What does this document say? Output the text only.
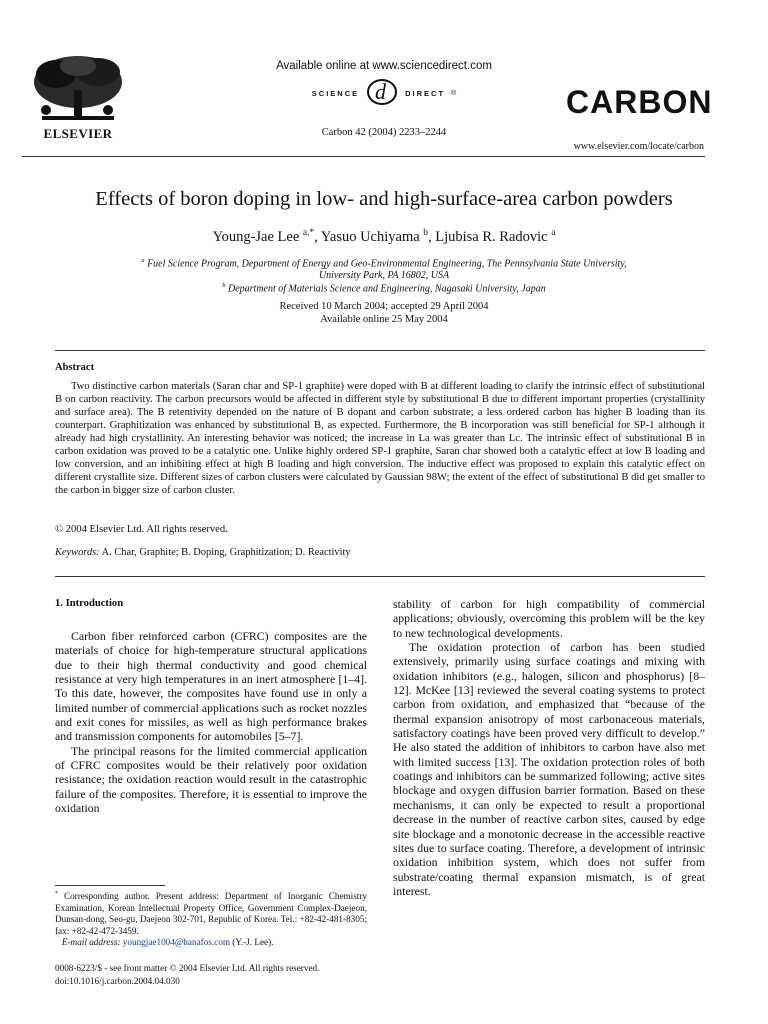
ELSEVIER
Available online at www.sciencedirect.com
SCIENCE d	DIRECT ®
Carbon 42 (2004) 2233–2244
CARBON
www.elsevier.com/locate/carbon
Effects of boron doping in low- and high-surface-area carbon powders
Young-Jae Lee $^{a,*}$, Yasuo Uchiyama $^b$, Ljubisa R. Radovic $^a$
$^a$ Fuel Science Program, Department of Energy and Geo-Environmental Engineering, The Pennsylvania State University,
University Park, PA 16802, USA
$^b$ Department of Materials Science and Engineering, Nagasaki University, Japan
Received 10 March 2004; accepted 29 April 2004
Available online 25 May 2004
Abstract
Two distinctive carbon materials (Saran char and SP-1 graphite) were doped with B at different loading to clarify the intrinsic effect of substitutional B on carbon reactivity. The carbon precursors would be affected in different style by substitutional B due to different important properties (crystallinity and surface area). The B retentivity depended on the nature of B dopant and carbon substrate; a less ordered carbon has higher B loading than its counterpart. Graphitization was enhanced by substitutional B, as expected. Furthermore, the B incorporation was still beneficial for SP-1 although it already had high crystallinity. An interesting behavior was noticed; the increase in La was greater than Lc. The intrinsic effect of substitutional B in carbon oxidation was proved to be a catalytic one. Unlike highly ordered SP-1 graphite, Saran char showed both a catalytic effect at low B loading and low conversion, and an inhibiting effect at high B loading and high conversion. The inductive effect was proposed to explain this catalytic effect on different crystallite size. Different sizes of carbon clusters were calculated by Gaussian 98W; the extent of the effect of substitutional B did get smaller to the carbon in bigger size of carbon cluster.
© 2004 Elsevier Ltd. All rights reserved.
Keywords: A. Char, Graphite; B. Doping, Graphitization; D. Reactivity
1. Introduction

Carbon fiber reinforced carbon (CFRC) composites are the materials of choice for high-temperature structural applications due to their high thermal conductivity and good chemical resistance at very high temperatures in an inert atmosphere [1–4]. To this date, however, the composites have found use in only a limited number of commercial applications such as rocket nozzles and exit cones for missiles, as well as high performance brakes and transmission components for automobiles [5–7].

The principal reasons for the limited commercial application of CFRC composites would be their relatively poor oxidation resistance; the oxidation reaction would result in the catastrophic failure of the composites. Therefore, it is essential to improve the oxidation

stability of carbon for high compatibility of commercial applications; obviously, overcoming this problem will be the key to new technological developments.

The oxidation protection of carbon has been studied extensively, primarily using surface coatings and mixing with oxidation inhibitors (e.g., halogen, silicon and phosphorus) [8–12]. McKee [13] reviewed the several coating systems to protect carbon from oxidation, and emphasized that “because of the thermal expansion anisotropy of most carbonaceous materials, satisfactory coatings have been proved very difficult to develop.” He also stated the addition of inhibitors to carbon have also met with limited success [13]. The oxidation protection roles of both coatings and inhibitors can be summarized following; active sites blockage and oxygen diffusion barrier formation. Based on these mechanisms, it can only be expected to result a proportional decrease in the number of reactive carbon sites, caused by edge site blockage and a monotonic decrease in the accessible reactive sites due to surface coating. Therefore, a development of intrinsic oxidation inhibition system, which does not suffer from substrate/coating thermal expansion mismatch, is of great interest.

* Corresponding author. Present address: Department of Inorganic Chemistry Examination, Korean Intellectual Property Office, Government Complex-Daejeon, Dunsan-dong, Seo-gu, Daejeon 302-701, Republic of Korea. Tel.: +82-42-481-8305; fax: +82-42-472-3459.
E-mail address: youngjae1004@hanafos.com (Y.-J. Lee).
0008-6223/$ - see front matter © 2004 Elsevier Ltd. All rights reserved.
doi:10.1016/j.carbon.2004.04.030
